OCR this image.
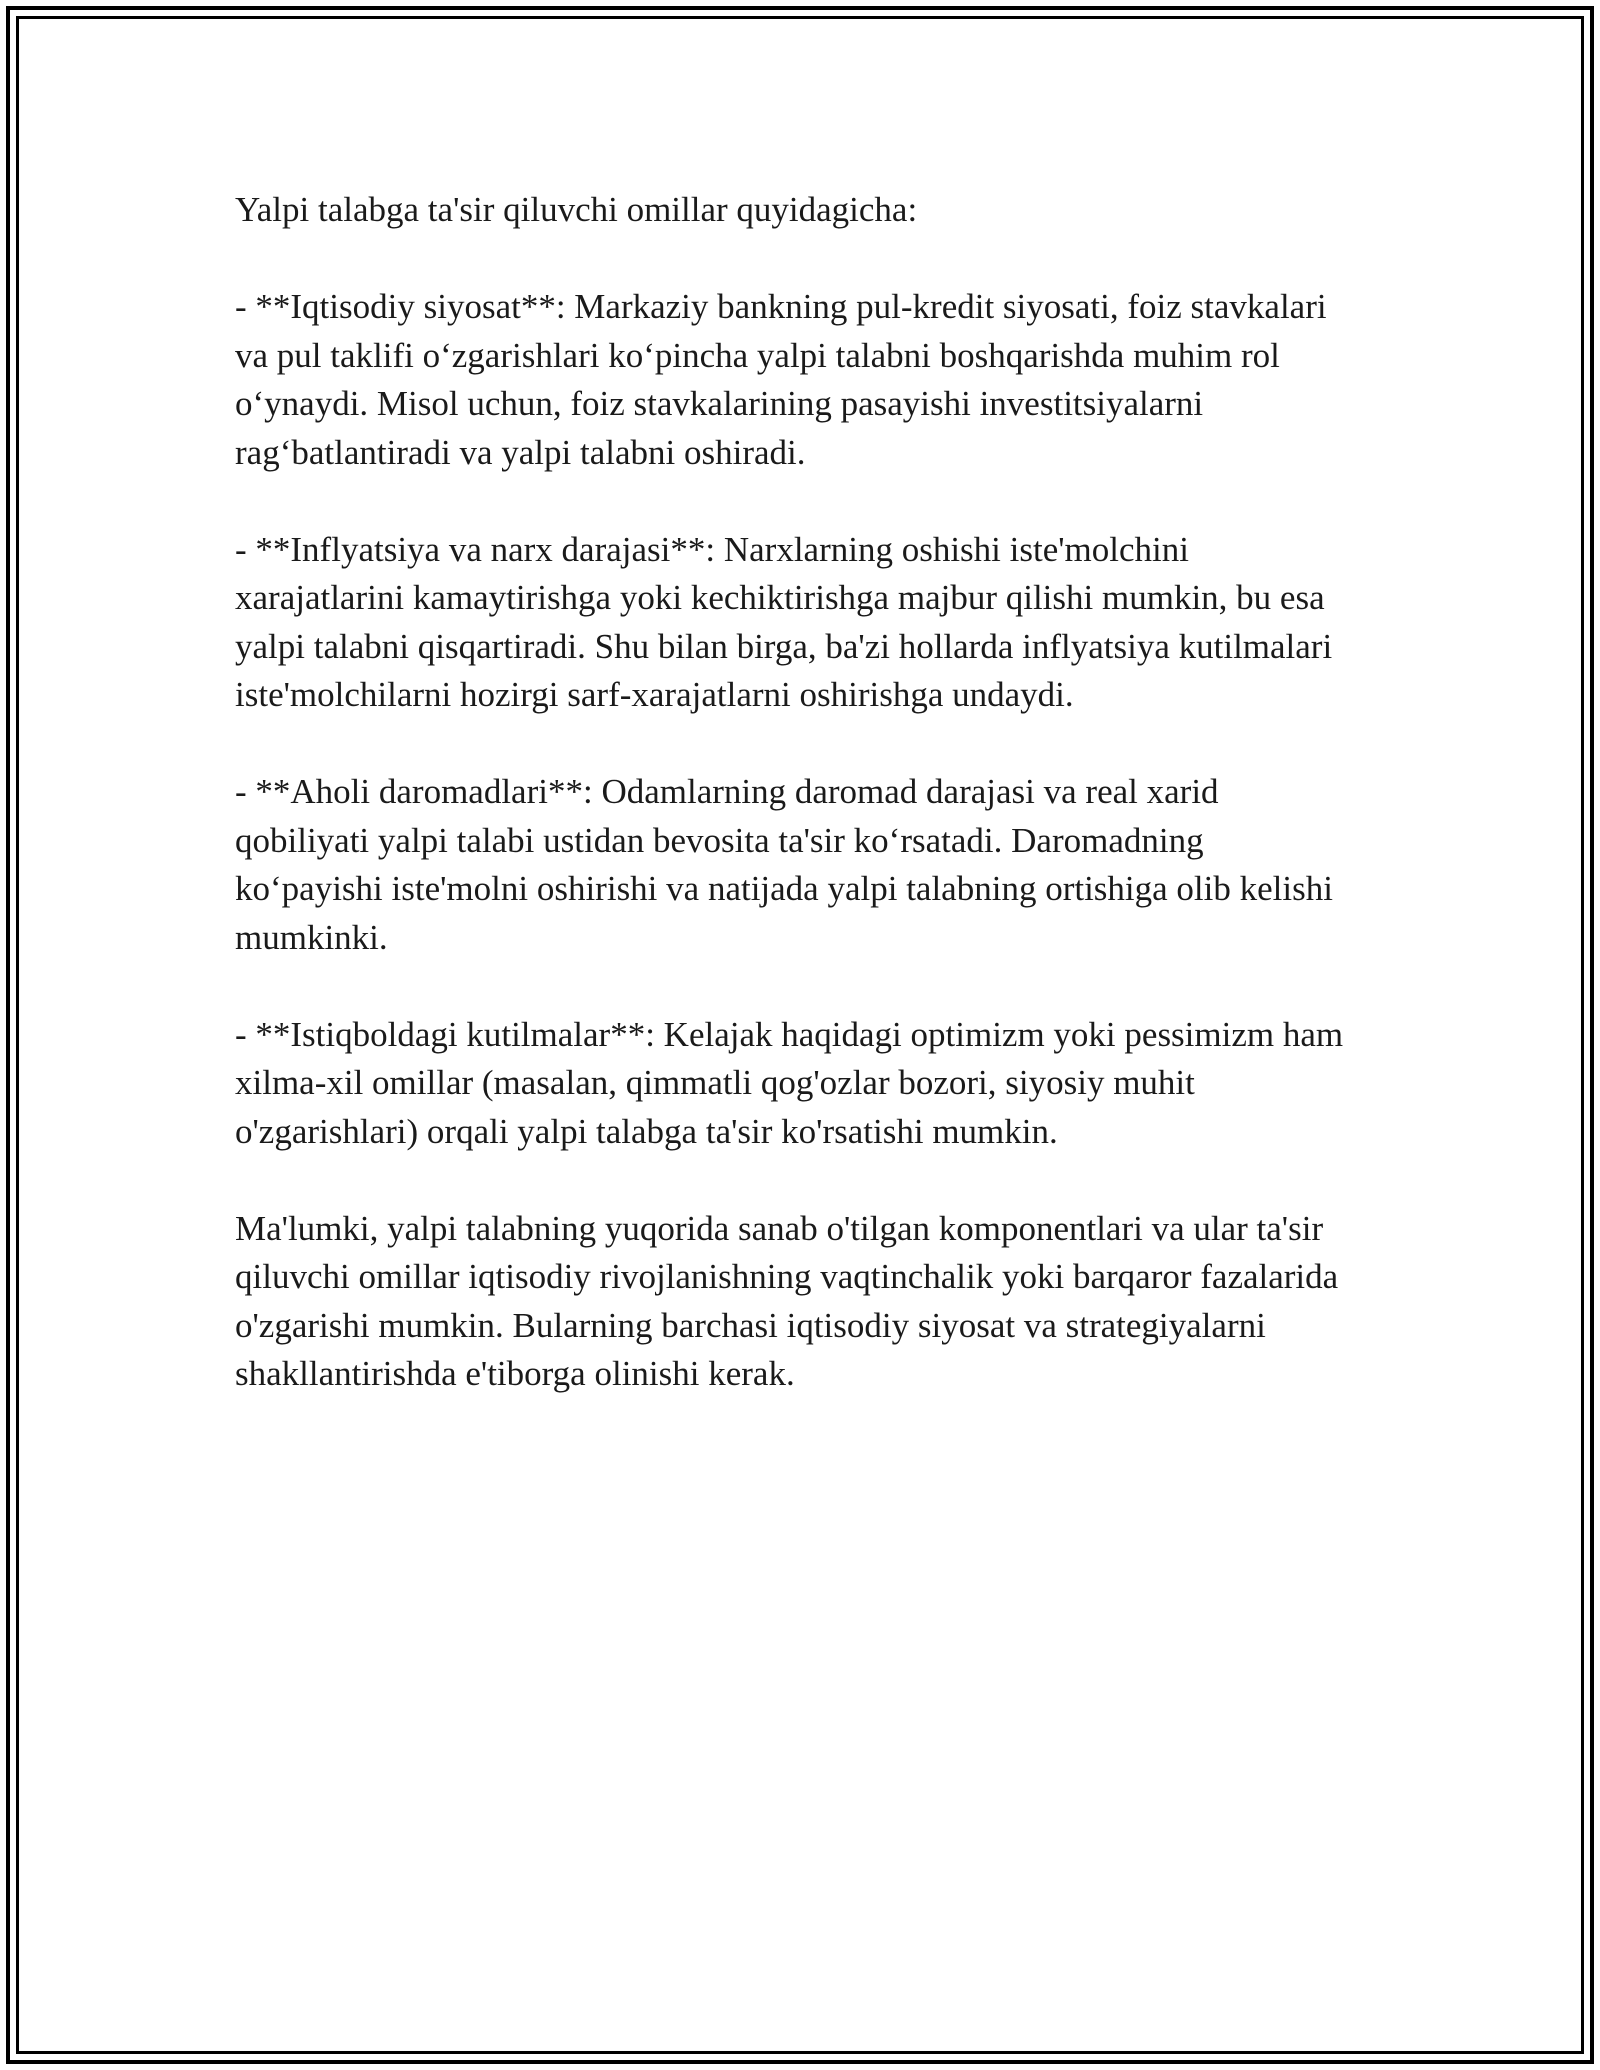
Yalpi talabga ta'sir qiluvchi omillar quyidagicha:

- **Iqtisodiy siyosat**: Markaziy bankning pul-kredit siyosati, foiz stavkalari va pul taklifi o‘zgarishlari ko‘pincha yalpi talabni boshqarishda muhim rol o‘ynaydi. Misol uchun, foiz stavkalarining pasayishi investitsiyalarni rag‘batlantiradi va yalpi talabni oshiradi.

- **Inflyatsiya va narx darajasi**: Narxlarning oshishi iste'molchini xarajatlarini kamaytirishga yoki kechiktirishga majbur qilishi mumkin, bu esa yalpi talabni qisqartiradi. Shu bilan birga, ba'zi hollarda inflyatsiya kutilmalari iste'molchilarni hozirgi sarf-xarajatlarni oshirishga undaydi.

- **Aholi daromadlari**: Odamlarning daromad darajasi va real xarid qobiliyati yalpi talabi ustidan bevosita ta'sir ko‘rsatadi. Daromadning ko‘payishi iste'molni oshirishi va natijada yalpi talabning ortishiga olib kelishi mumkinki.

- **Istiqboldagi kutilmalar**: Kelajak haqidagi optimizm yoki pessimizm ham xilma-xil omillar (masalan, qimmatli qog'ozlar bozori, siyosiy muhit o'zgarishlari) orqali yalpi talabga ta'sir ko'rsatishi mumkin.

Ma'lumki, yalpi talabning yuqorida sanab o'tilgan komponentlari va ular ta'sir qiluvchi omillar iqtisodiy rivojlanishning vaqtinchalik yoki barqaror fazalarida o'zgarishi mumkin. Bularning barchasi iqtisodiy siyosat va strategiyalarni shakllantirishda e'tiborga olinishi kerak.
